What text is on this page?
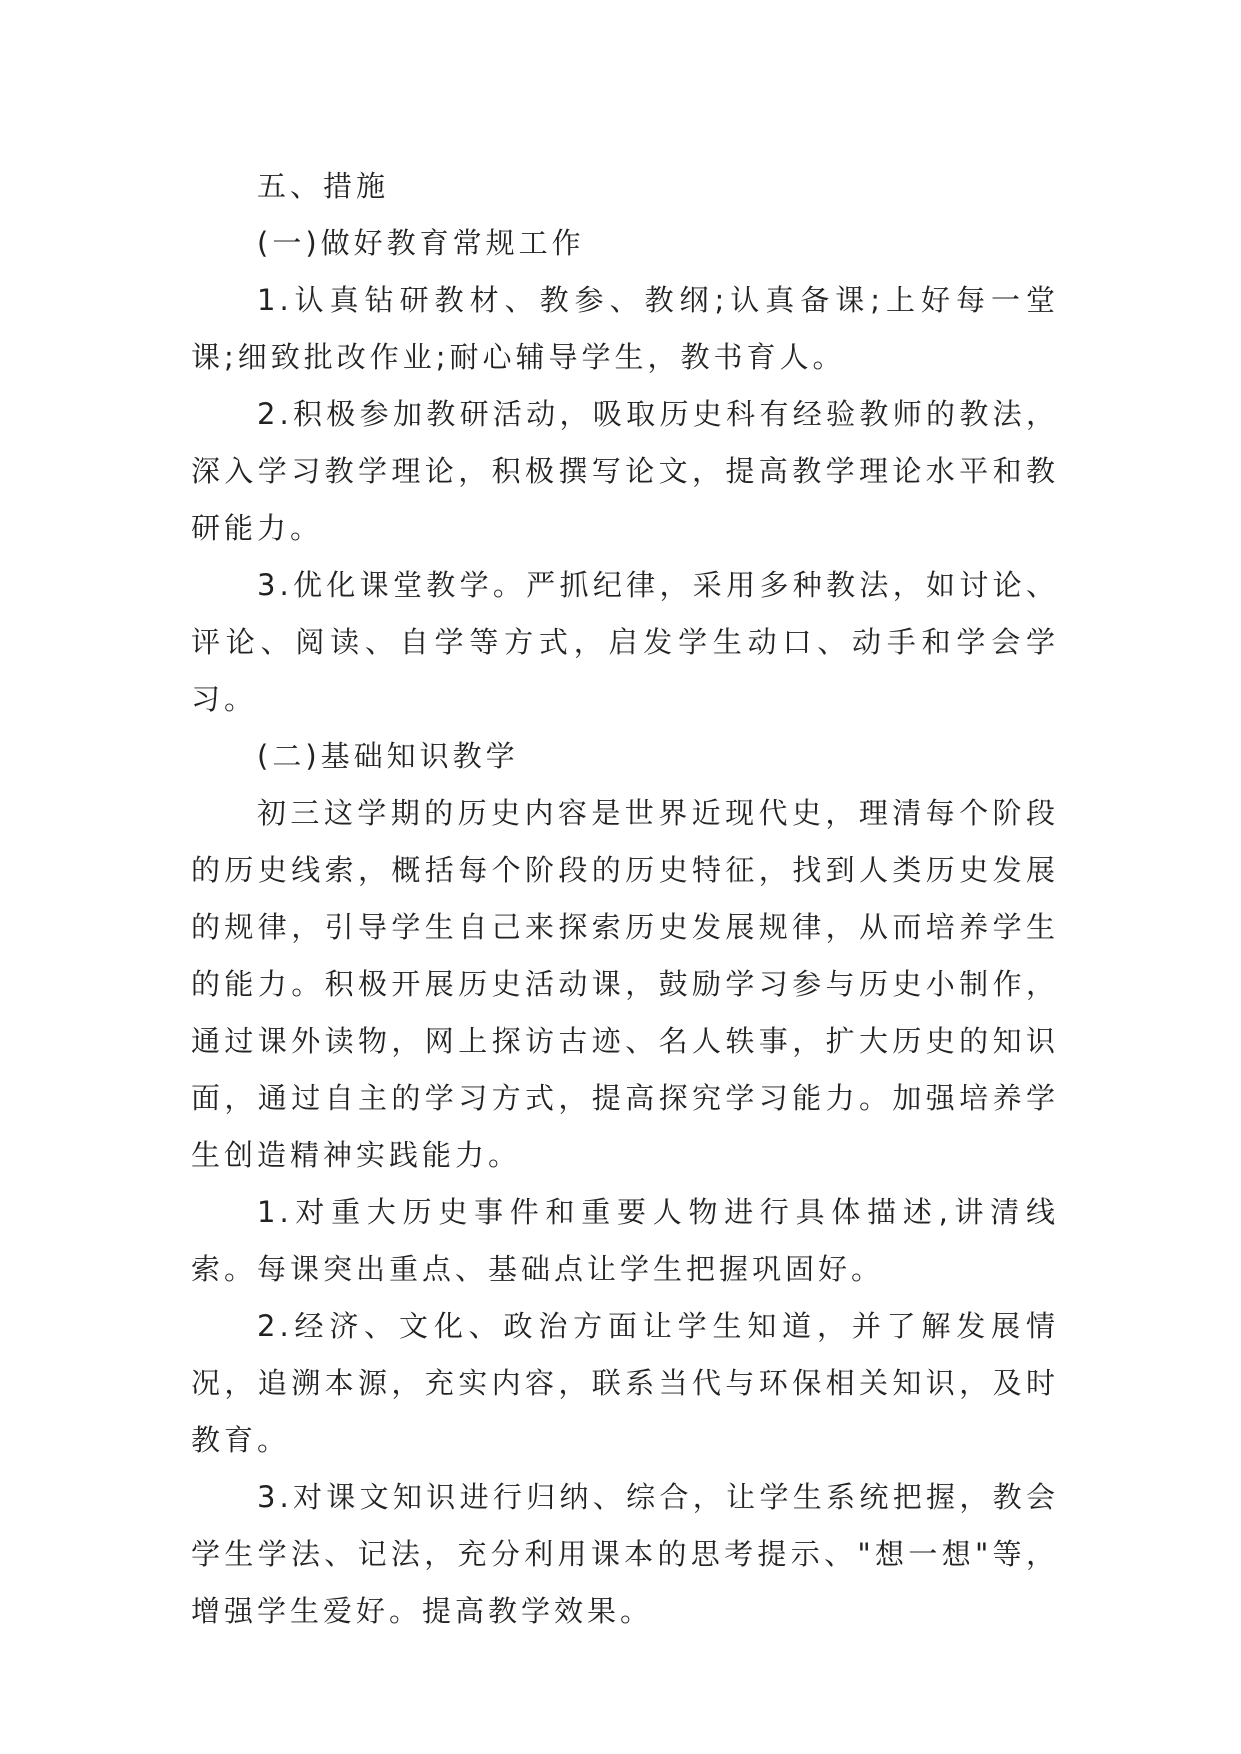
五、措施

(一)做好教育常规工作

1.认真钻研教材、教参、教纲;认真备课;上好每一堂课;细致批改作业;耐心辅导学生，教书育人。

2.积极参加教研活动，吸取历史科有经验教师的教法，深入学习教学理论，积极撰写论文，提高教学理论水平和教研能力。

3.优化课堂教学。严抓纪律，采用多种教法，如讨论、评论、阅读、自学等方式，启发学生动口、动手和学会学习。

(二)基础知识教学

初三这学期的历史内容是世界近现代史，理清每个阶段的历史线索，概括每个阶段的历史特征，找到人类历史发展的规律，引导学生自己来探索历史发展规律，从而培养学生的能力。积极开展历史活动课，鼓励学习参与历史小制作，通过课外读物，网上探访古迹、名人轶事，扩大历史的知识面，通过自主的学习方式，提高探究学习能力。加强培养学生创造精神实践能力。

1.对重大历史事件和重要人物进行具体描述,讲清线索。每课突出重点、基础点让学生把握巩固好。

2.经济、文化、政治方面让学生知道，并了解发展情况，追溯本源，充实内容，联系当代与环保相关知识，及时教育。

3.对课文知识进行归纳、综合，让学生系统把握，教会学生学法、记法，充分利用课本的思考提示、"想一想"等，增强学生爱好。提高教学效果。
